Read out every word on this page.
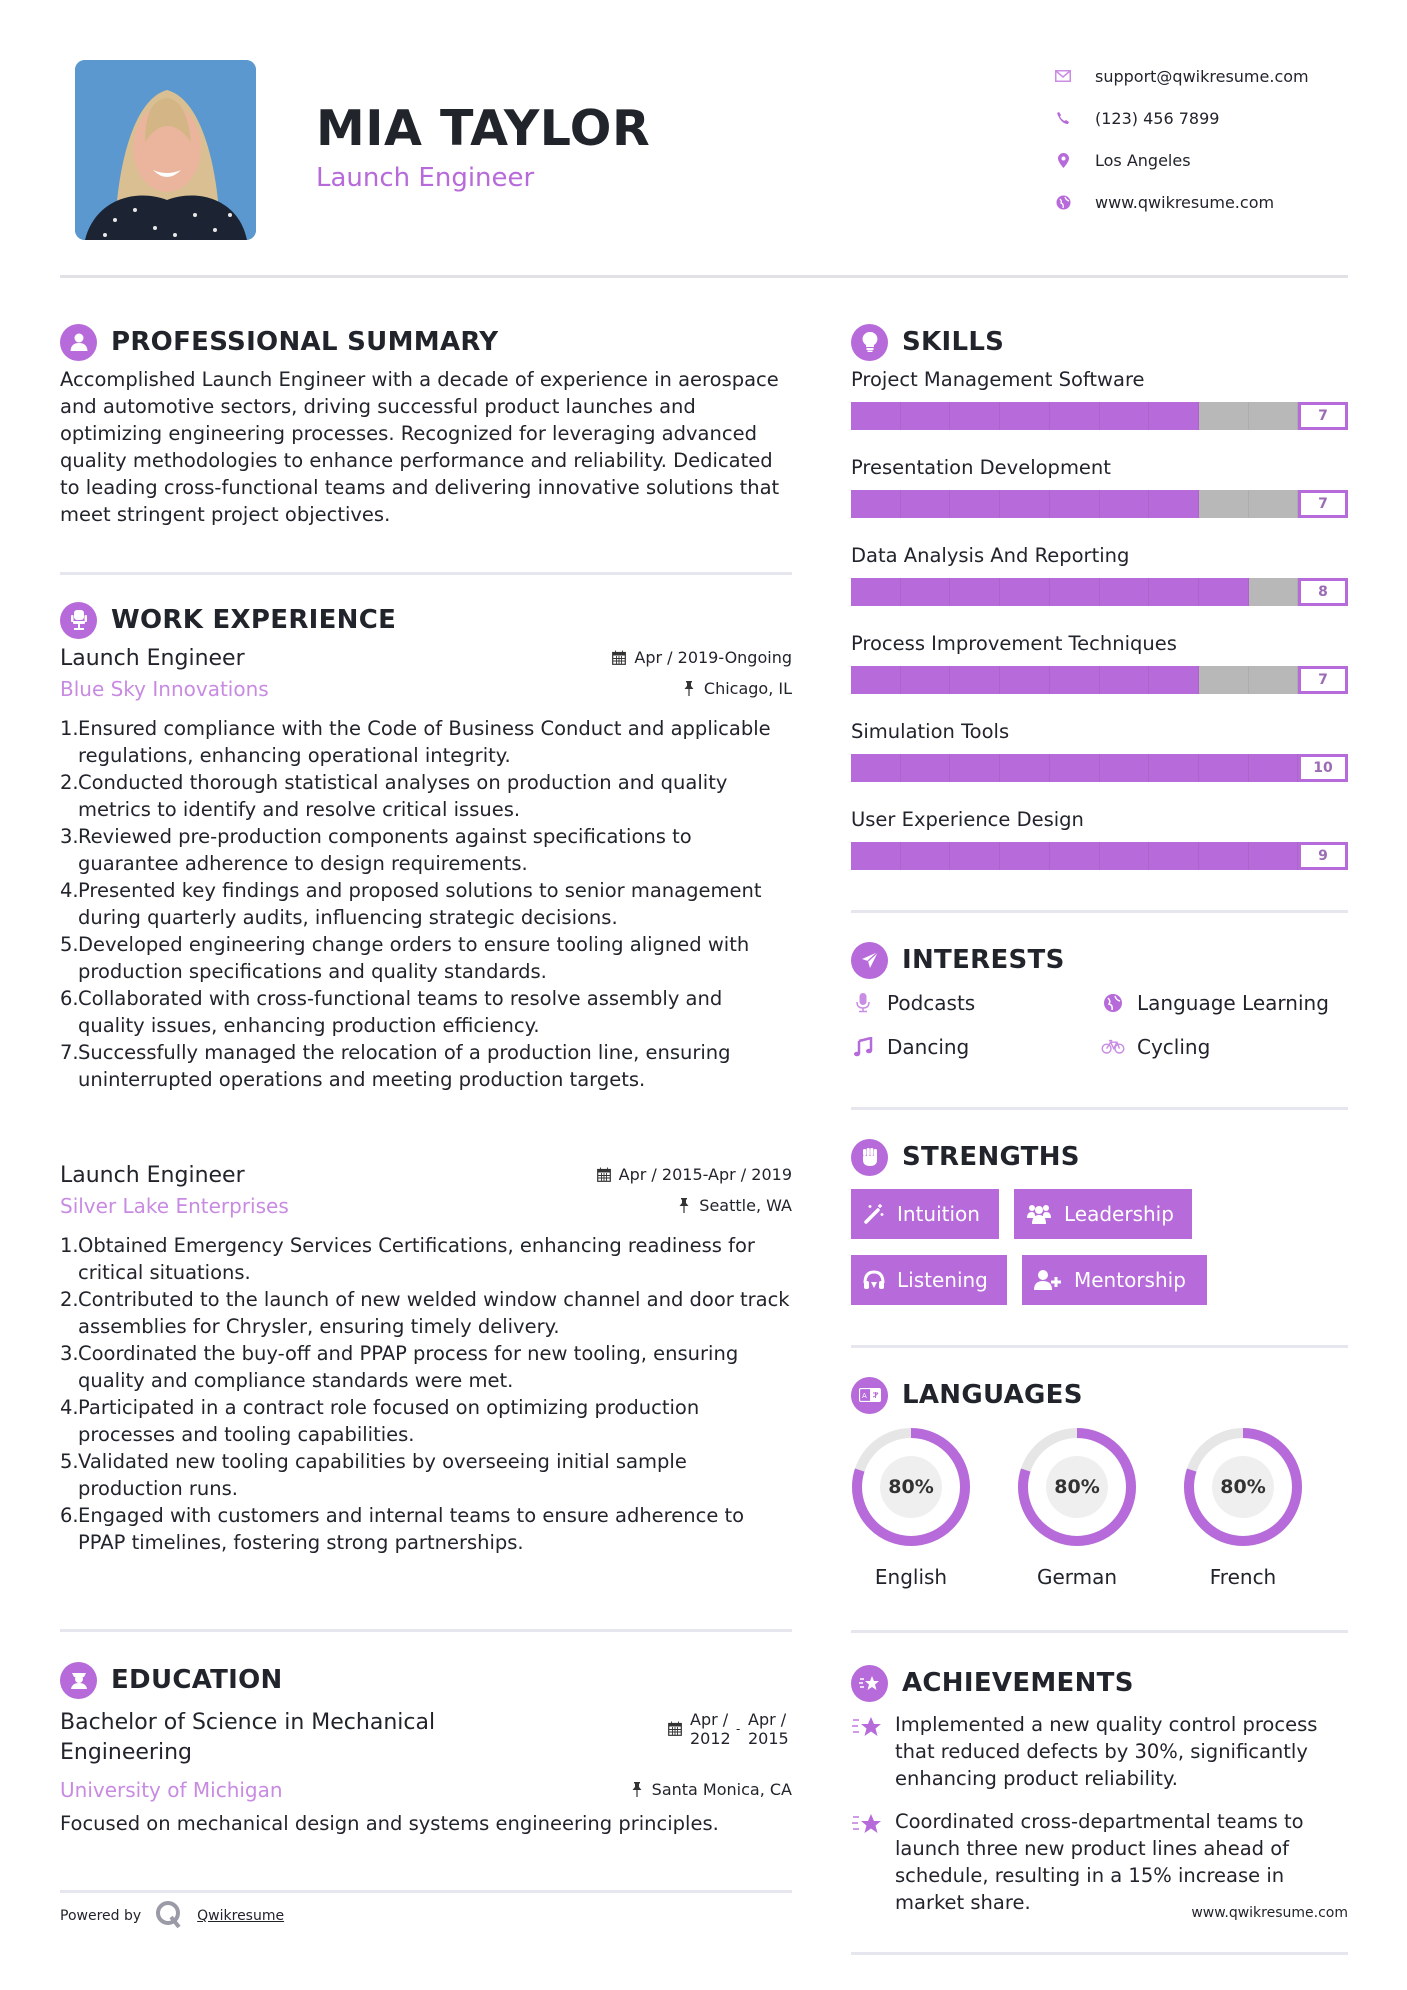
MIA TAYLOR
Launch Engineer
support@qwikresume.com
(123) 456 7899
Los Angeles
www.qwikresume.com
PROFESSIONAL SUMMARY

Accomplished Launch Engineer with a decade of experience in aerospace and automotive sectors, driving successful product launches and optimizing engineering processes. Recognized for leveraging advanced quality methodologies to enhance performance and reliability. Dedicated to leading cross-functional teams and delivering innovative solutions that meet stringent project objectives.

WORK EXPERIENCE
Launch Engineer	Apr / 2019-Ongoing
Blue Sky Innovations	Chicago, IL
1. Ensured compliance with the Code of Business Conduct and applicable regulations, enhancing operational integrity.
2. Conducted thorough statistical analyses on production and quality metrics to identify and resolve critical issues.
3. Reviewed pre-production components against specifications to guarantee adherence to design requirements.
4. Presented key findings and proposed solutions to senior management during quarterly audits, influencing strategic decisions.
5. Developed engineering change orders to ensure tooling aligned with production specifications and quality standards.
6. Collaborated with cross-functional teams to resolve assembly and quality issues, enhancing production efficiency.
7. Successfully managed the relocation of a production line, ensuring uninterrupted operations and meeting production targets.
Launch Engineer	Apr / 2015-Apr / 2019
Silver Lake Enterprises	Seattle, WA
1. Obtained Emergency Services Certifications, enhancing readiness for critical situations.
2. Contributed to the launch of new welded window channel and door track assemblies for Chrysler, ensuring timely delivery.
3. Coordinated the buy-off and PPAP process for new tooling, ensuring quality and compliance standards were met.
4. Participated in a contract role focused on optimizing production processes and tooling capabilities.
5. Validated new tooling capabilities by overseeing initial sample production runs.
6. Engaged with customers and internal teams to ensure adherence to PPAP timelines, fostering strong partnerships.
EDUCATION
Bachelor of Science in Mechanical Engineering
Apr / 2012 - Apr / 2015
University of Michigan	Santa Monica, CA

Focused on mechanical design and systems engineering principles.

Powered by	Qwikresume
SKILLS
Project Management Software
7
Presentation Development
7
Data Analysis And Reporting
8
Process Improvement Techniques
7
Simulation Tools
10
User Experience Design
9
INTERESTS
Podcasts	Language Learning
Dancing	Cycling
STRENGTHS
Intuition	Leadership
Listening	Mentorship
A LANGUAGES
80%
English
80%
German
80%
French
ACHIEVEMENTS
Implemented a new quality control process that reduced defects by 30%, significantly enhancing product reliability.
Coordinated cross-departmental teams to launch three new product lines ahead of schedule, resulting in a 15% increase in market share.	www.qwikresume.com
